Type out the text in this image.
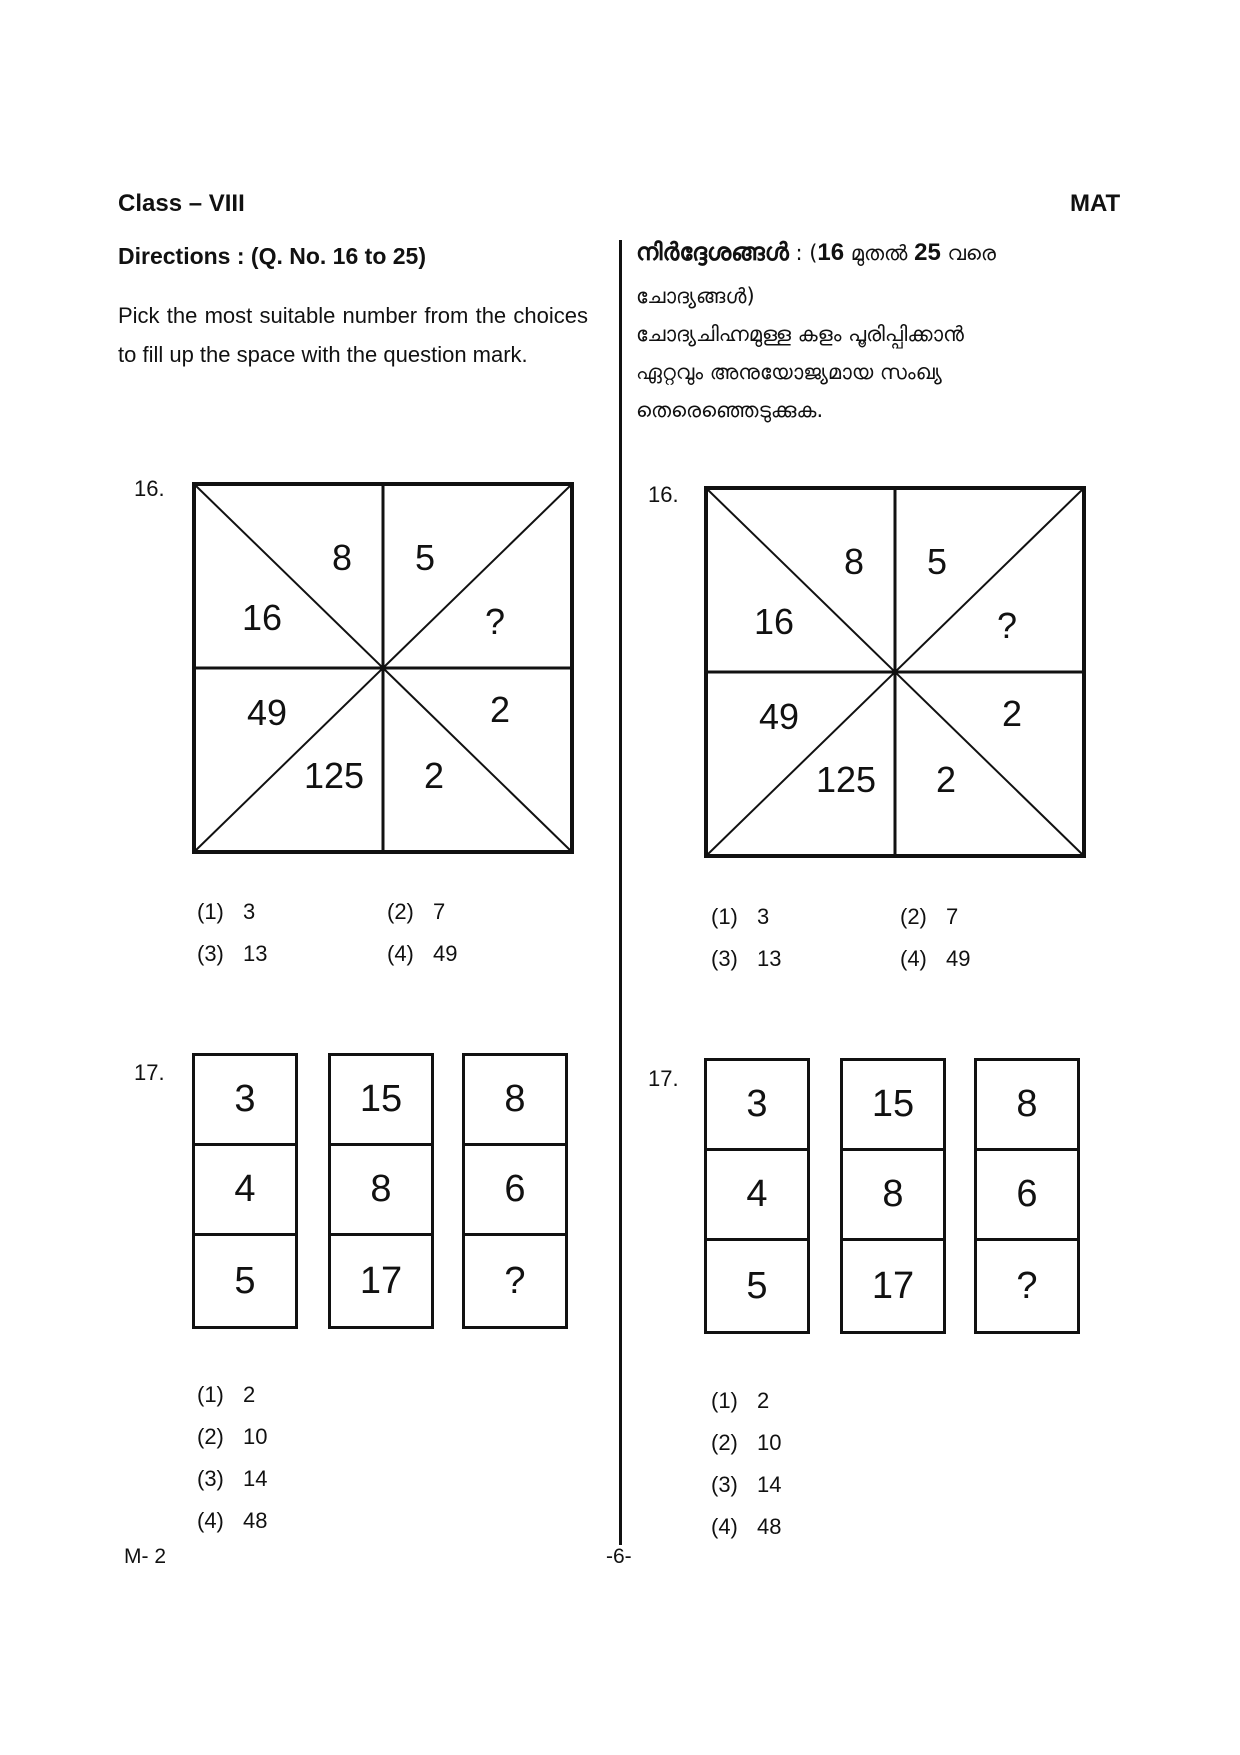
Class – VIII	MAT
Directions : (Q. No. 16 to 25)
Pick the most suitable number from the choices to fill up the space with the question mark.
നിർദ്ദേശങ്ങൾ : (16 മുതൽ 25 വരെ
ചോദ്യങ്ങൾ)
ചോദ്യചിഹ്നമുള്ള കളം പൂരിപ്പിക്കാൻ
ഏറ്റവും അനുയോജ്യമായ സംഖ്യ
തെരെഞ്ഞെടുക്കുക.
16.
8 5
16	?
49	2
125 2
(1) 3	(2) 7
(3) 13	(4) 49
16.
8 5
16	?
49	2
125 2
(1) 3	(2) 7
(3) 13	(4) 49
17.
3
4
5
15
8
17
8
6
?
(1) 2
(2) 10
(3) 14
(4) 48
17.
3
4
5
15
8
17
8
6
?
(1) 2
(2) 10
(3) 14
(4) 48
M- 2	-6-
